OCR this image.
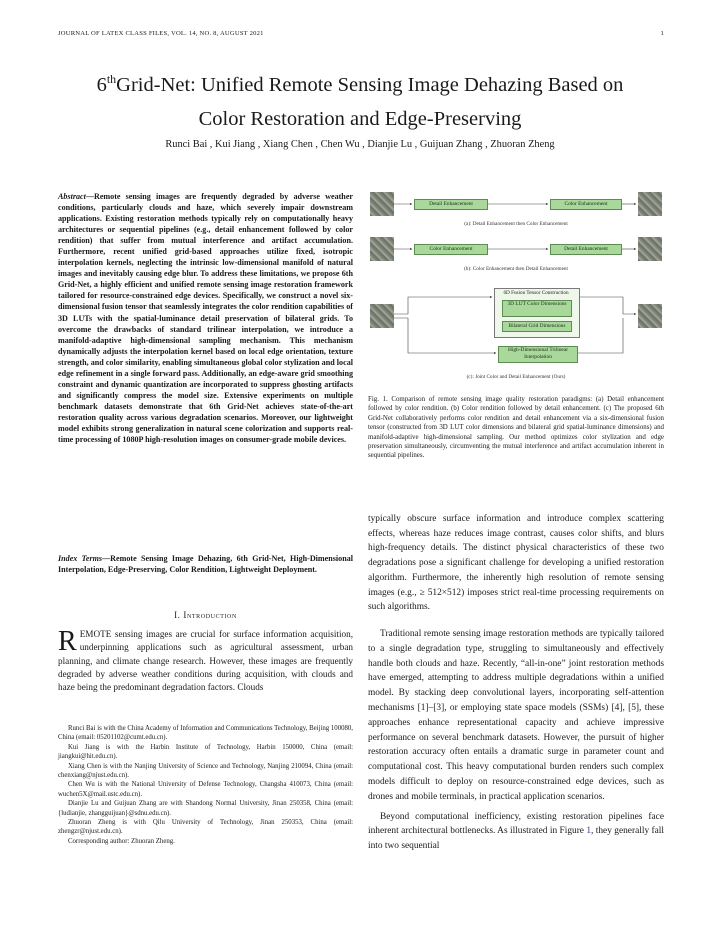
JOURNAL OF LATEX CLASS FILES, VOL. 14, NO. 8, AUGUST 2021	1
6thGrid-Net: Unified Remote Sensing Image Dehazing Based on
Color Restoration and Edge-Preserving
Runci Bai , Kui Jiang , Xiang Chen , Chen Wu , Dianjie Lu , Guijuan Zhang , Zhuoran Zheng
Abstract—Remote sensing images are frequently degraded by adverse weather conditions, particularly clouds and haze, which severely impair downstream applications. Existing restoration methods typically rely on computationally heavy architectures or sequential pipelines (e.g., detail enhancement followed by color rendition) that suffer from mutual interference and artifact accumulation. Furthermore, recent unified grid-based approaches utilize fixed, isotropic interpolation kernels, neglecting the intrinsic low-dimensional manifold of natural images and inevitably causing edge blur. To address these limitations, we propose 6th Grid-Net, a highly efficient and unified remote sensing image restoration framework tailored for resource-constrained edge devices. Specifically, we construct a novel six-dimensional fusion tensor that seamlessly integrates the color rendition capabilities of 3D LUTs with the spatial-luminance detail preservation of bilateral grids. To overcome the drawbacks of standard trilinear interpolation, we introduce a manifold-adaptive high-dimensional sampling mechanism. This mechanism dynamically adjusts the interpolation kernel based on local edge orientation, texture strength, and color similarity, enabling simultaneous global color stylization and local edge refinement in a single forward pass. Additionally, an edge-aware grid smoothing constraint and dynamic quantization are incorporated to suppress ghosting artifacts and significantly compress the model size. Extensive experiments on multiple benchmark datasets demonstrate that 6th Grid-Net achieves state-of-the-art restoration quality across various degradation scenarios. Moreover, our lightweight model exhibits strong generalization in natural scene colorization and supports real-time processing of 1080P high-resolution images on consumer-grade mobile devices.
Index Terms—Remote Sensing Image Dehazing, 6th Grid-Net, High-Dimensional Interpolation, Edge-Preserving, Color Rendition, Lightweight Deployment.
I. Introduction
REMOTE sensing images are crucial for surface information acquisition, underpinning applications such as agricultural assessment, urban planning, and climate change research. However, these images are frequently degraded by adverse weather conditions during acquisition, with clouds and haze being the predominant degradation factors. Clouds

Runci Bai is with the China Academy of Information and Communications Technology, Beijing 100080, China (email: 05201102@cumt.edu.cn).

Kui Jiang is with the Harbin Institute of Technology, Harbin 150000, China (email: jiangkui@hit.edu.cn).

Xiang Chen is with the Nanjing University of Science and Technology, Nanjing 210094, China (email: chenxiang@njust.edu.cn).

Chen Wu is with the National University of Defense Technology, Changsha 410073, China (email: wuchen5X@mail.ustc.edu.cn).

Dianjie Lu and Guijuan Zhang are with Shandong Normal University, Jinan 250358, China (email: {ludianjie, zhangguijuan}@sdnu.edu.cn).

Zhuoran Zheng is with Qilu University of Technology, Jinan 250353, China (email: zhengzr@njust.edu.cn).

Corresponding author: Zhuoran Zheng.

Detail Enhancement	Color Enhancement
(a): Detail Enhancement then Color Enhancement
Color Enhancement	Detail Enhancement
(b): Color Enhancement then Detail Enhancement
6D Fusion Tensor Construction
3D LUT Color Dimensions
Bilateral Grid Dimensions
High-Dimensional Trilinear Interpolation
(c): Joint Color and Detail Enhancement (Ours)
Fig. 1. Comparison of remote sensing image quality restoration paradigms: (a) Detail enhancement followed by color rendition. (b) Color rendition followed by detail enhancement. (c) The proposed 6th Grid-Net collaboratively performs color rendition and detail enhancement via a six-dimensional fusion tensor (constructed from 3D LUT color dimensions and bilateral grid spatial-luminance dimensions) and manifold-adaptive high-dimensional sampling. Our method optimizes color stylization and edge preservation simultaneously, circumventing the mutual interference and artifact accumulation inherent in sequential pipelines.

typically obscure surface information and introduce complex scattering effects, whereas haze reduces image contrast, causes color shifts, and blurs high-frequency details. The distinct physical characteristics of these two degradations pose a significant challenge for developing a unified restoration algorithm. Furthermore, the inherently high resolution of remote sensing images (e.g., ≥ 512×512) imposes strict real-time processing requirements on such algorithms.

Traditional remote sensing image restoration methods are typically tailored to a single degradation type, struggling to simultaneously and effectively handle both clouds and haze. Recently, “all-in-one” joint restoration methods have emerged, attempting to address multiple degradations within a unified model. By stacking deep convolutional layers, incorporating self-attention mechanisms [1]–[3], or employing state space models (SSMs) [4], [5], these approaches enhance representational capacity and achieve impressive performance on several benchmark datasets. However, the pursuit of higher restoration accuracy often entails a dramatic surge in parameter count and computational cost. This heavy computational burden renders such complex models difficult to deploy on resource-constrained edge devices, such as drones and mobile terminals, in practical application scenarios.

Beyond computational inefficiency, existing restoration pipelines face inherent architectural bottlenecks. As illustrated in Figure 1, they generally fall into two sequential
